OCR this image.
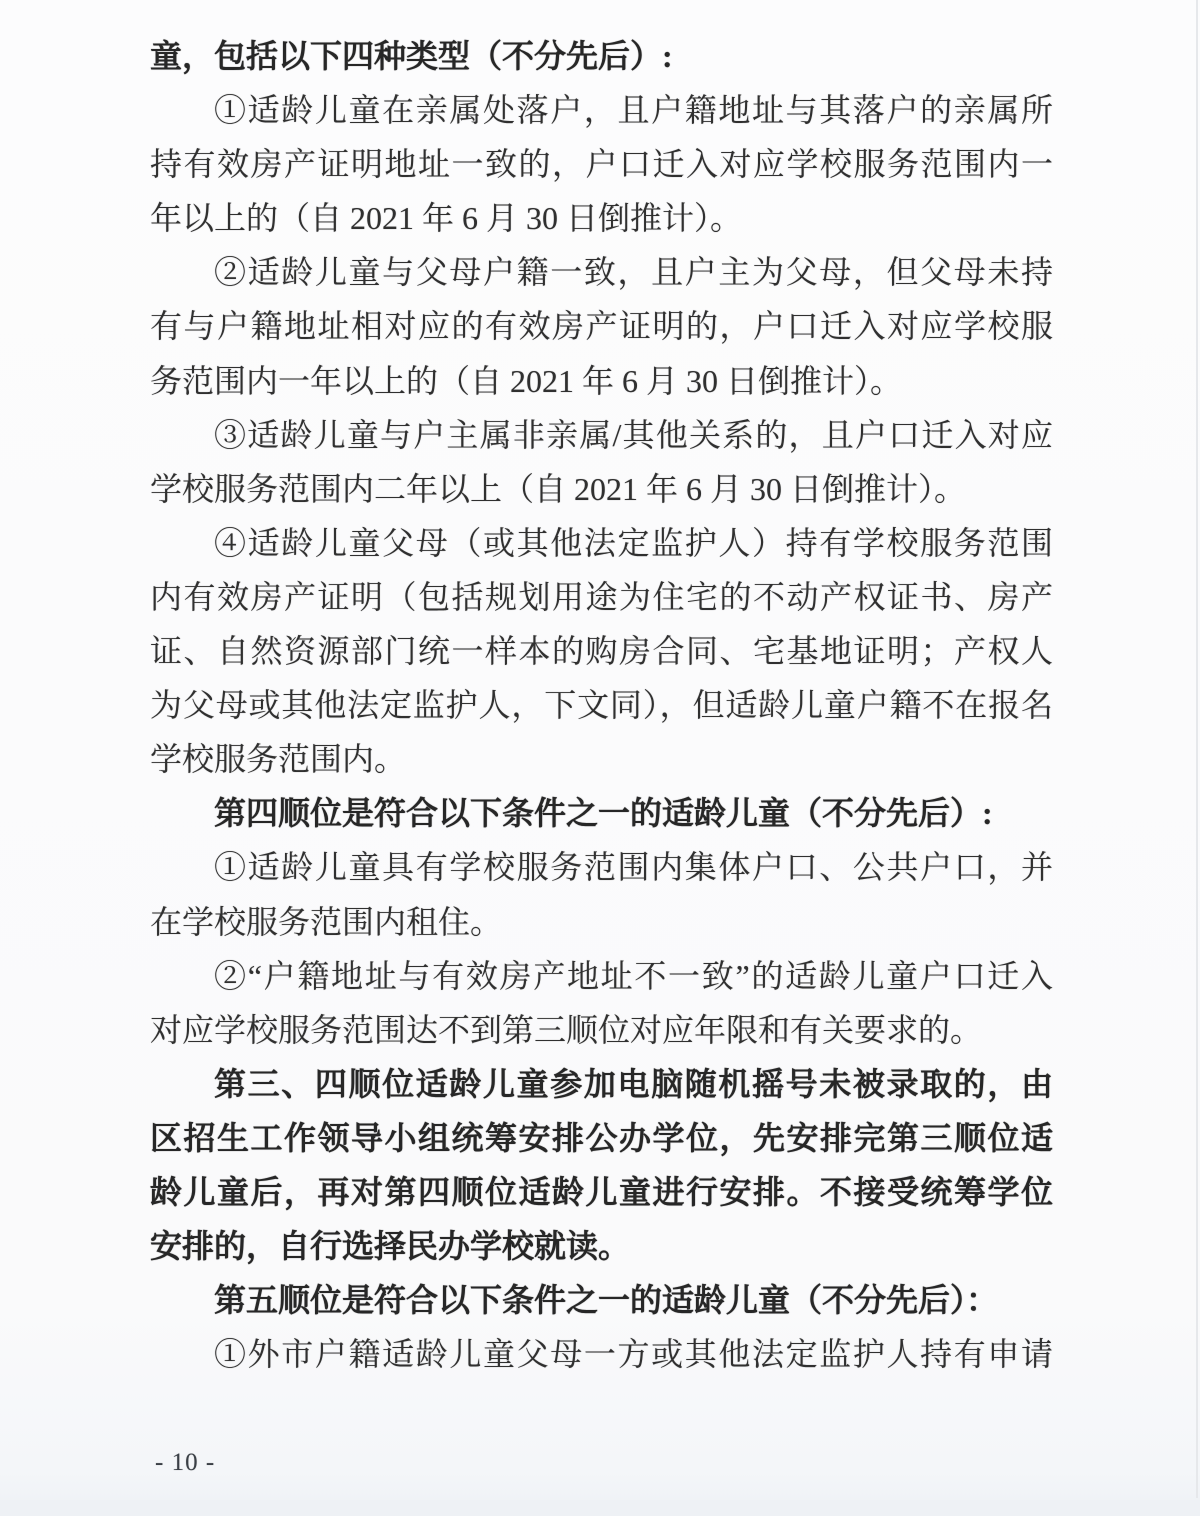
童，包括以下四种类型（不分先后）:
①适龄儿童在亲属处落户，且户籍地址与其落户的亲属所
持有效房产证明地址一致的，户口迁入对应学校服务范围内一
年以上的（自 2021 年 6 月 30 日倒推计）。
②适龄儿童与父母户籍一致，且户主为父母，但父母未持
有与户籍地址相对应的有效房产证明的，户口迁入对应学校服
务范围内一年以上的（自 2021 年 6 月 30 日倒推计）。
③适龄儿童与户主属非亲属/其他关系的，且户口迁入对应
学校服务范围内二年以上（自 2021 年 6 月 30 日倒推计）。
④适龄儿童父母（或其他法定监护人）持有学校服务范围
内有效房产证明（包括规划用途为住宅的不动产权证书、房产
证、自然资源部门统一样本的购房合同、宅基地证明；产权人
为父母或其他法定监护人，下文同），但适龄儿童户籍不在报名
学校服务范围内。
第四顺位是符合以下条件之一的适龄儿童（不分先后）:
①适龄儿童具有学校服务范围内集体户口、公共户口，并
在学校服务范围内租住。
②“户籍地址与有效房产地址不一致”的适龄儿童户口迁入
对应学校服务范围达不到第三顺位对应年限和有关要求的。
第三、四顺位适龄儿童参加电脑随机摇号未被录取的，由
区招生工作领导小组统筹安排公办学位，先安排完第三顺位适
龄儿童后，再对第四顺位适龄儿童进行安排。不接受统筹学位
安排的，自行选择民办学校就读。
第五顺位是符合以下条件之一的适龄儿童（不分先后）：
①外市户籍适龄儿童父母一方或其他法定监护人持有申请
- 10 -
